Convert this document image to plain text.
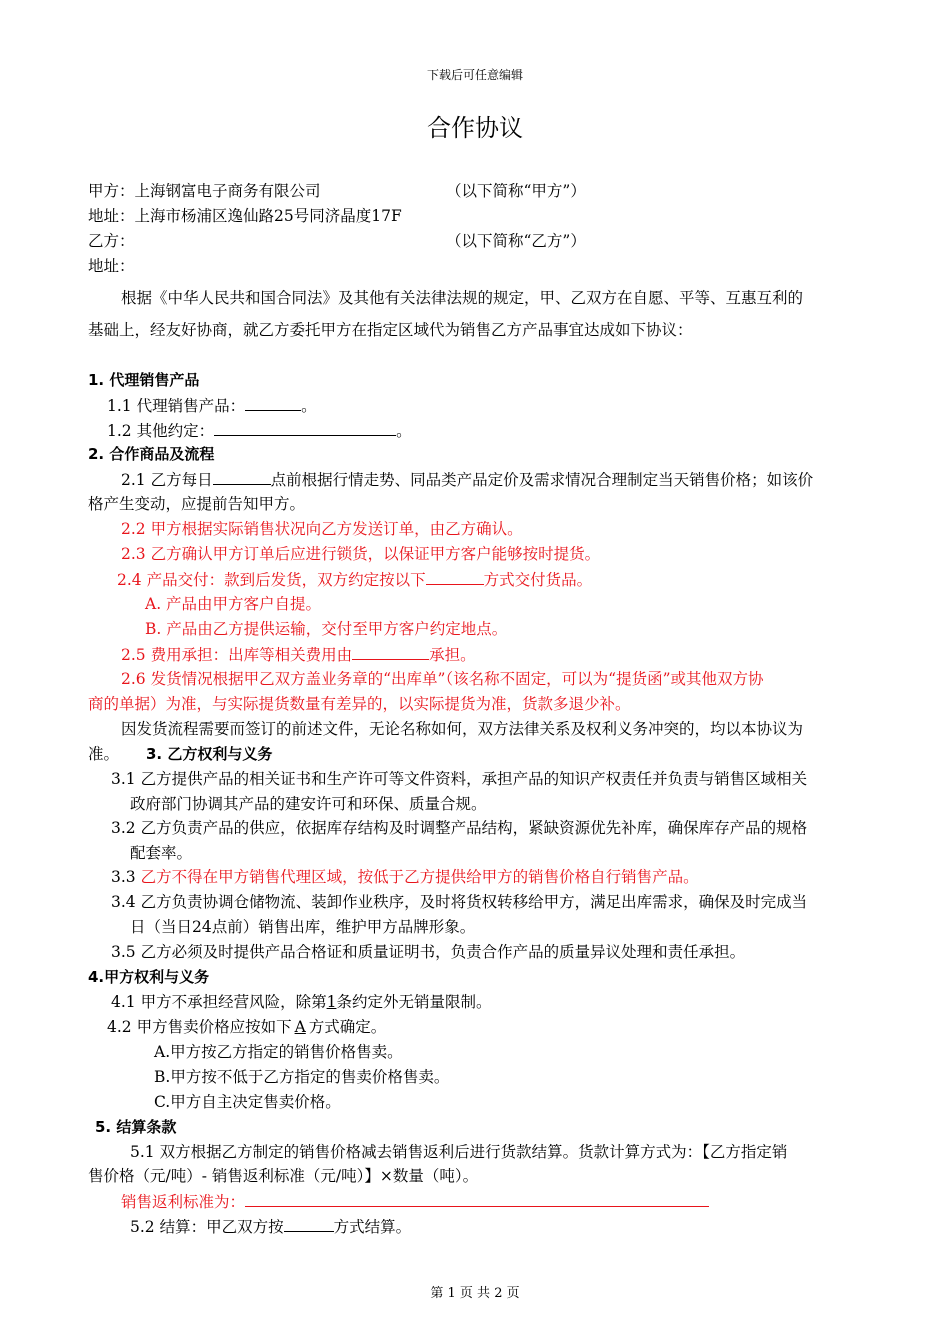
下载后可任意编辑
合作协议
甲方：上海钢富电子商务有限公司	（以下简称“甲方”）
地址：上海市杨浦区逸仙路25号同济晶度17F
乙方：	（以下简称“乙方”）
地址：
根据《中华人民共和国合同法》及其他有关法律法规的规定，甲、乙双方在自愿、平等、互惠互利的
基础上，经友好协商，就乙方委托甲方在指定区域代为销售乙方产品事宜达成如下协议：
1. 代理销售产品
1.1 代理销售产品：	。
1.2 其他约定：	。
2. 合作商品及流程
2.1 乙方每日	点前根据行情走势、同品类产品定价及需求情况合理制定当天销售价格；如该价
格产生变动，应提前告知甲方。
2.2 甲方根据实际销售状况向乙方发送订单，由乙方确认。
2.3 乙方确认甲方订单后应进行锁货，以保证甲方客户能够按时提货。
2.4 产品交付：款到后发货，双方约定按以下	方式交付货品。
A. 产品由甲方客户自提。
B. 产品由乙方提供运输，交付至甲方客户约定地点。
2.5 费用承担：出库等相关费用由	承担。
2.6 发货情况根据甲乙双方盖业务章的“出库单”（该名称不固定，可以为“提货函”或其他双方协
商的单据）为准，与实际提货数量有差异的，以实际提货为准，货款多退少补。
因发货流程需要而签订的前述文件，无论名称如何，双方法律关系及权利义务冲突的，均以本协议为
准。 3. 乙方权利与义务
3.1 乙方提供产品的相关证书和生产许可等文件资料，承担产品的知识产权责任并负责与销售区域相关
政府部门协调其产品的建安许可和环保、质量合规。
3.2 乙方负责产品的供应，依据库存结构及时调整产品结构，紧缺资源优先补库，确保库存产品的规格
配套率。
3.3 乙方不得在甲方销售代理区域，按低于乙方提供给甲方的销售价格自行销售产品。
3.4 乙方负责协调仓储物流、装卸作业秩序，及时将货权转移给甲方，满足出库需求，确保及时完成当
日（当日24点前）销售出库，维护甲方品牌形象。
3.5 乙方必须及时提供产品合格证和质量证明书，负责合作产品的质量异议处理和责任承担。
4.甲方权利与义务
4.1 甲方不承担经营风险，除第1条约定外无销量限制。
4.2 甲方售卖价格应按如下 A 方式确定。
A.甲方按乙方指定的销售价格售卖。
B.甲方按不低于乙方指定的售卖价格售卖。
C.甲方自主决定售卖价格。
5. 结算条款
5.1 双方根据乙方制定的销售价格减去销售返利后进行货款结算。货款计算方式为：【乙方指定销
售价格（元/吨）- 销售返利标准（元/吨）】×数量（吨）。
销售返利标准为：
5.2 结算：甲乙双方按	方式结算。
第 1 页 共 2 页
